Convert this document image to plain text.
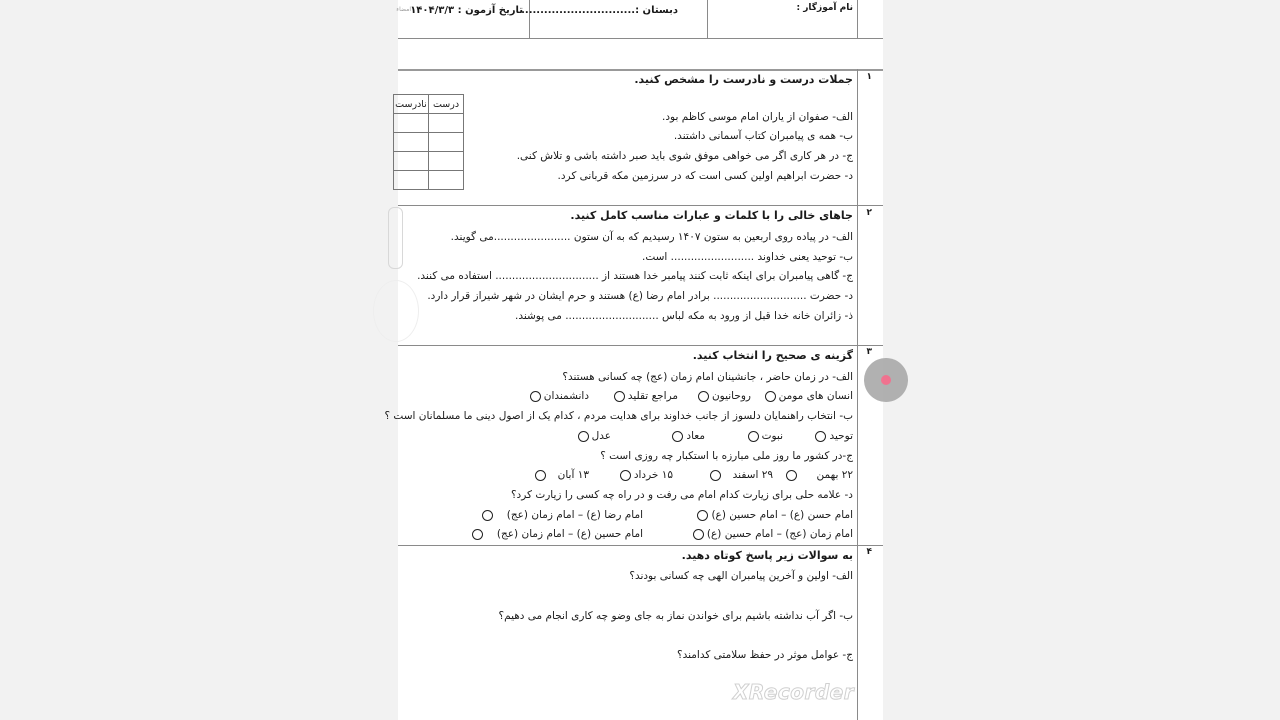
نام آموزگار :
دبستان :..............................
تاریخ آزمون : ۱۴۰۴/۳/۳
امضاء
۱
جملات درست و نادرست را مشخص کنید.
الف- صفوان از یاران امام موسی کاظم بود.
ب- همه ی پیامبران کتاب آسمانی داشتند.
ج- در هر کاری اگر می خواهی موفق شوی باید صبر داشته باشی و تلاش کنی.
د- حضرت ابراهیم اولین کسی است که در سرزمین مکه قربانی کرد.
درست	نادرست

۲
جاهای خالی را با کلمات و عبارات مناسب کامل کنید.
الف- در پیاده روی اربعین به ستون ۱۴۰۷ رسیدیم که به آن ستون .......................می گویند.
ب- توحید یعنی خداوند ......................... است.
ج- گاهی پیامبران برای اینکه ثابت کنند پیامبر خدا هستند از ............................... استفاده می کنند.
د- حضرت ............................ برادر امام رضا (ع) هستند و حرم ایشان در شهر شیراز قرار دارد.
ذ- زائران خانه خدا قبل از ورود به مکه لباس ............................ می پوشند.
۳
گزینه ی صحیح را انتخاب کنید.
الف- در زمان حاضر ، جانشینان امام زمان (عج) چه کسانی هستند؟
انسان های مومن
روحانیون
مراجع تقلید
دانشمندان
ب- انتخاب راهنمایان دلسوز از جانب خداوند برای هدایت مردم ، کدام یک از اصول دینی ما مسلمانان است ؟
توحید
نبوت
معاد
عدل
ج-در کشور ما روز ملی مبارزه با استکبار چه روزی است ؟
۲۲ بهمن
۲۹ اسفند
۱۵ خرداد
۱۳ آبان
د- علامه حلی برای زیارت کدام امام می رفت و در راه چه کسی را زیارت کرد؟
امام حسن (ع) – امام حسین (ع)
امام رضا (ع) – امام زمان (عج)
امام زمان (عج) – امام حسین (ع)
امام حسین (ع) – امام زمان (عج)
۴
به سوالات زیر پاسخ کوتاه دهید.
الف- اولین و آخرین پیامبران الهی چه کسانی بودند؟
ب- اگر آب نداشته باشیم برای خواندن نماز به جای وضو چه کاری انجام می دهیم؟
ج- عوامل موثر در حفظ سلامتی کدامند؟
XRecorder
